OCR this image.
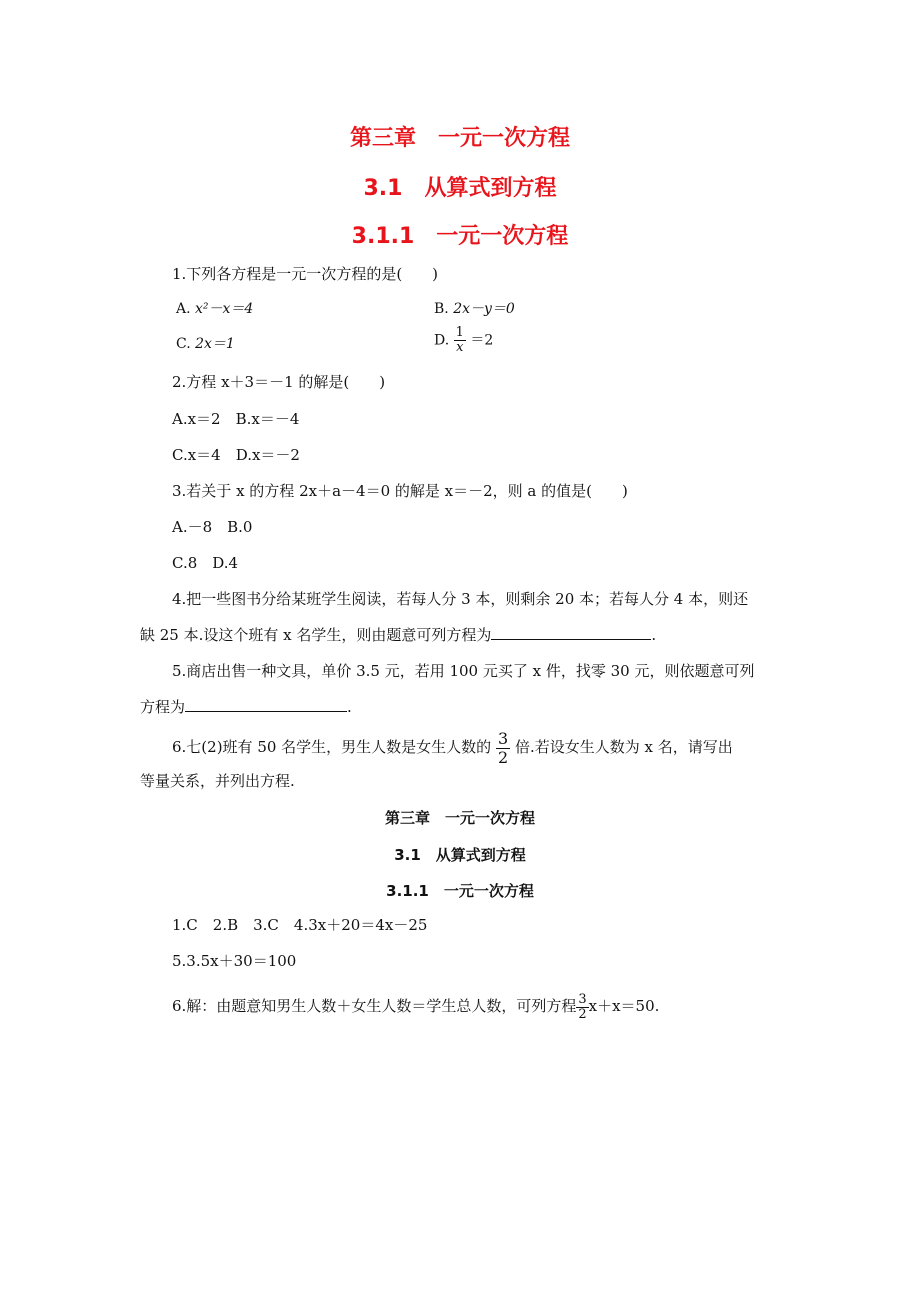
第三章　一元一次方程
3.1　从算式到方程
3.1.1　一元一次方程
1.下列各方程是一元一次方程的是(　　)
A. x²－x＝4	B. 2x－y＝0
C. 2x＝1	D. $\frac{1}{x} =2$
2.方程 x＋3＝－1 的解是(　　)
A.x＝2　B.x＝－4
C.x＝4　D.x＝－2
3.若关于 x 的方程 2x＋a－4＝0 的解是 x＝－2，则 a 的值是(　　)
A.－8　B.0
C.8　D.4
4.把一些图书分给某班学生阅读，若每人分 3 本，则剩余 20 本；若每人分 4 本，则还
缺 25 本.设这个班有 x 名学生，则由题意可列方程为	.
5.商店出售一种文具，单价 3.5 元，若用 100 元买了 x 件，找零 30 元，则依题意可列
方程为	.
6.七(2)班有 50 名学生，男生人数是女生人数的 $\frac{3}{2}$ 倍.若设女生人数为 x 名，请写出
等量关系，并列出方程.
第三章　一元一次方程
3.1　从算式到方程
3.1.1　一元一次方程
1.C　2.B　3.C　4.3x＋20＝4x－25
5.3.5x＋30＝100
6.解：由题意知男生人数＋女生人数＝学生总人数，可列方程 $\frac{3}{2} x+x=50$.
